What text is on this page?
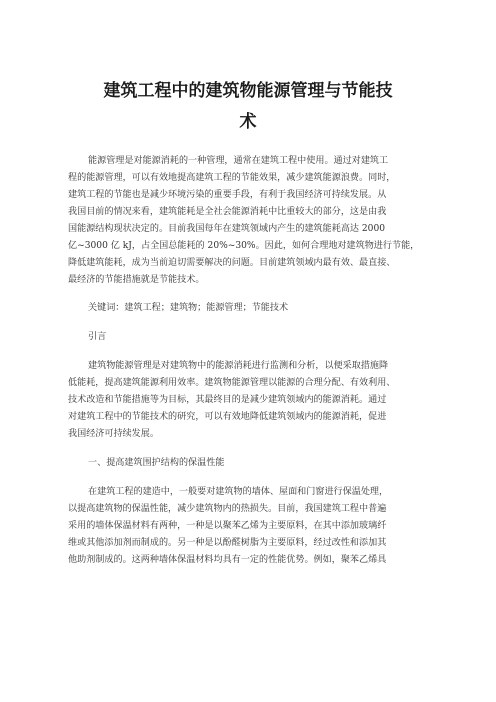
建筑工程中的建筑物能源管理与节能技
术
能源管理是对能源消耗的一种管理，通常在建筑工程中使用。通过对建筑工
程的能源管理，可以有效地提高建筑工程的节能效果，减少建筑能源浪费。同时，
建筑工程的节能也是减少环境污染的重要手段，有利于我国经济可持续发展。从
我国目前的情况来看，建筑能耗是全社会能源消耗中比重较大的部分，这是由我
国能源结构现状决定的。目前我国每年在建筑领域内产生的建筑能耗高达 2000
亿~3000 亿 kJ，占全国总能耗的 20%~30%。因此，如何合理地对建筑物进行节能，
降低建筑能耗，成为当前迫切需要解决的问题。目前建筑领域内最有效、最直接、
最经济的节能措施就是节能技术。
关键词：建筑工程；建筑物；能源管理；节能技术
引言
建筑物能源管理是对建筑物中的能源消耗进行监测和分析，以便采取措施降
低能耗，提高建筑能源利用效率。建筑物能源管理以能源的合理分配、有效利用、
技术改造和节能措施等为目标，其最终目的是减少建筑领域内的能源消耗。通过
对建筑工程中的节能技术的研究，可以有效地降低建筑领域内的能源消耗，促进
我国经济可持续发展。
一、提高建筑围护结构的保温性能
在建筑工程的建造中，一般要对建筑物的墙体、屋面和门窗进行保温处理，
以提高建筑物的保温性能，减少建筑物内的热损失。目前，我国建筑工程中普遍
采用的墙体保温材料有两种，一种是以聚苯乙烯为主要原料，在其中添加玻璃纤
维或其他添加剂而制成的。另一种是以酚醛树脂为主要原料，经过改性和添加其
他助剂制成的。这两种墙体保温材料均具有一定的性能优势。例如，聚苯乙烯具
